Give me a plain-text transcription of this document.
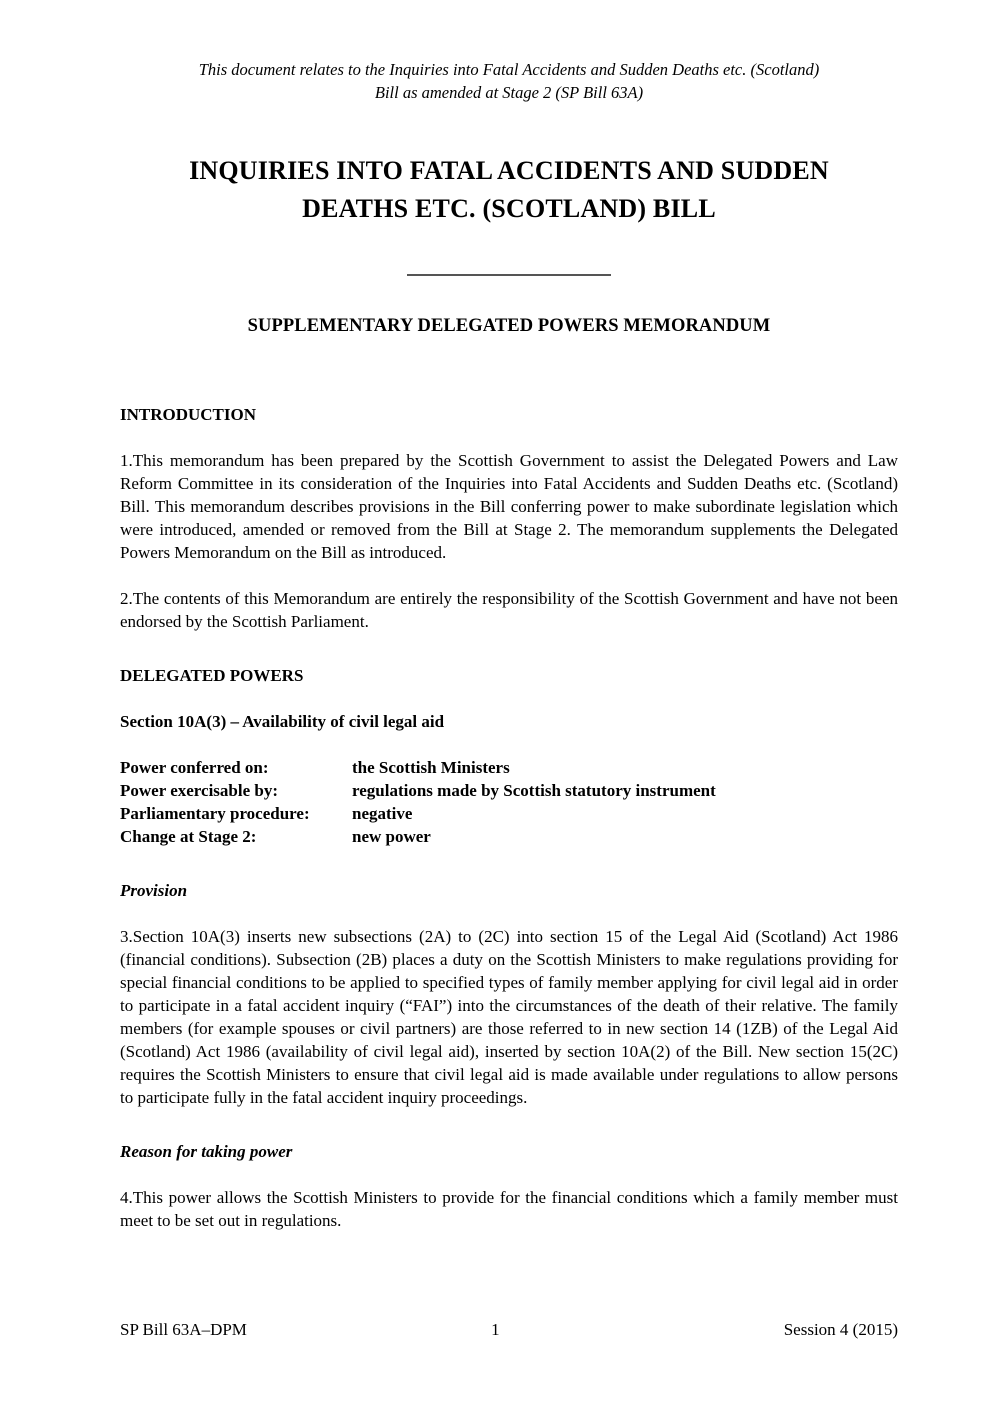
This document relates to the Inquiries into Fatal Accidents and Sudden Deaths etc. (Scotland)
Bill as amended at Stage 2 (SP Bill 63A)
INQUIRIES INTO FATAL ACCIDENTS AND SUDDEN
DEATHS ETC. (SCOTLAND) BILL
SUPPLEMENTARY DELEGATED POWERS MEMORANDUM
INTRODUCTION

1.This memorandum has been prepared by the Scottish Government to assist the Delegated Powers and Law Reform Committee in its consideration of the Inquiries into Fatal Accidents and Sudden Deaths etc. (Scotland) Bill. This memorandum describes provisions in the Bill conferring power to make subordinate legislation which were introduced, amended or removed from the Bill at Stage 2. The memorandum supplements the Delegated Powers Memorandum on the Bill as introduced.

2.The contents of this Memorandum are entirely the responsibility of the Scottish Government and have not been endorsed by the Scottish Parliament.

DELEGATED POWERS
Section 10A(3) – Availability of civil legal aid
Power conferred on:	the Scottish Ministers
Power exercisable by:	regulations made by Scottish statutory instrument
Parliamentary procedure:	negative
Change at Stage 2:	new power
Provision

3.Section 10A(3) inserts new subsections (2A) to (2C) into section 15 of the Legal Aid (Scotland) Act 1986 (financial conditions). Subsection (2B) places a duty on the Scottish Ministers to make regulations providing for special financial conditions to be applied to specified types of family member applying for civil legal aid in order to participate in a fatal accident inquiry (“FAI”) into the circumstances of the death of their relative. The family members (for example spouses or civil partners) are those referred to in new section 14 (1ZB) of the Legal Aid (Scotland) Act 1986 (availability of civil legal aid), inserted by section 10A(2) of the Bill. New section 15(2C) requires the Scottish Ministers to ensure that civil legal aid is made available under regulations to allow persons to participate fully in the fatal accident inquiry proceedings.

Reason for taking power

4.This power allows the Scottish Ministers to provide for the financial conditions which a family member must meet to be set out in regulations.

SP Bill 63A–DPM	1	Session 4 (2015)
